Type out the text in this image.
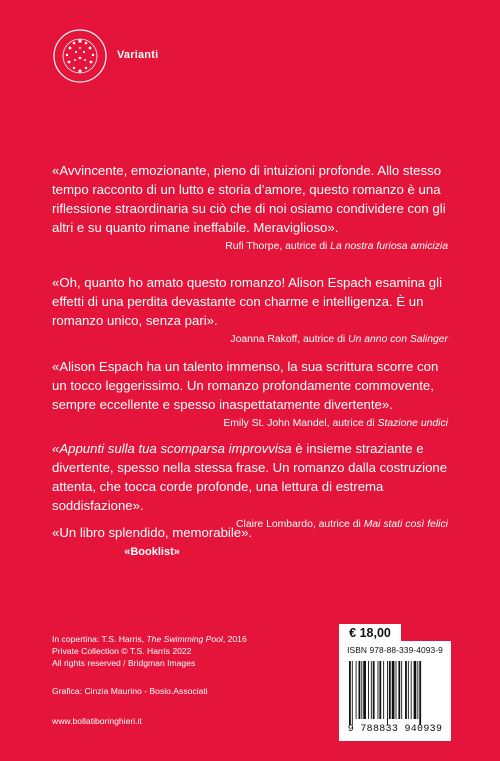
Varianti

«Avvincente, emozionante, pieno di intuizioni profonde. Allo stesso tempo racconto di un lutto e storia d’amore, questo romanzo è una riflessione straordinaria su ciò che di noi osiamo condividere con gli altri e su quanto rimane ineffabile. Meraviglioso».

Rufi Thorpe, autrice di La nostra furiosa amicizia

«Oh, quanto ho amato questo romanzo! Alison Espach esamina gli effetti di una perdita devastante con charme e intelligenza. È un romanzo unico, senza pari».

Joanna Rakoff, autrice di Un anno con Salinger

«Alison Espach ha un talento immenso, la sua scrittura scorre con un tocco leggerissimo. Un romanzo profondamente commovente, sempre eccellente e spesso inaspettatamente divertente».

Emily St. John Mandel, autrice di Stazione undici

«Appunti sulla tua scomparsa improvvisa è insieme straziante e divertente, spesso nella stessa frase. Un romanzo dalla costruzione attenta, che tocca corde profonde, una lettura di estrema soddisfazione».

Claire Lombardo, autrice di Mai stati così felici

«Un libro splendido, memorabile».

«Booklist»

In copertina: T.S. Harris, The Swimming Pool, 2016

Private Collection © T.S. Harris 2022

All rights reserved / Bridgman Images

Grafica: Cinzia Maurino - Bosio.Associati
www.bollatiboringhieri.it
€ 18,00
ISBN 978-88-339-4093-9
9 788833 940939
